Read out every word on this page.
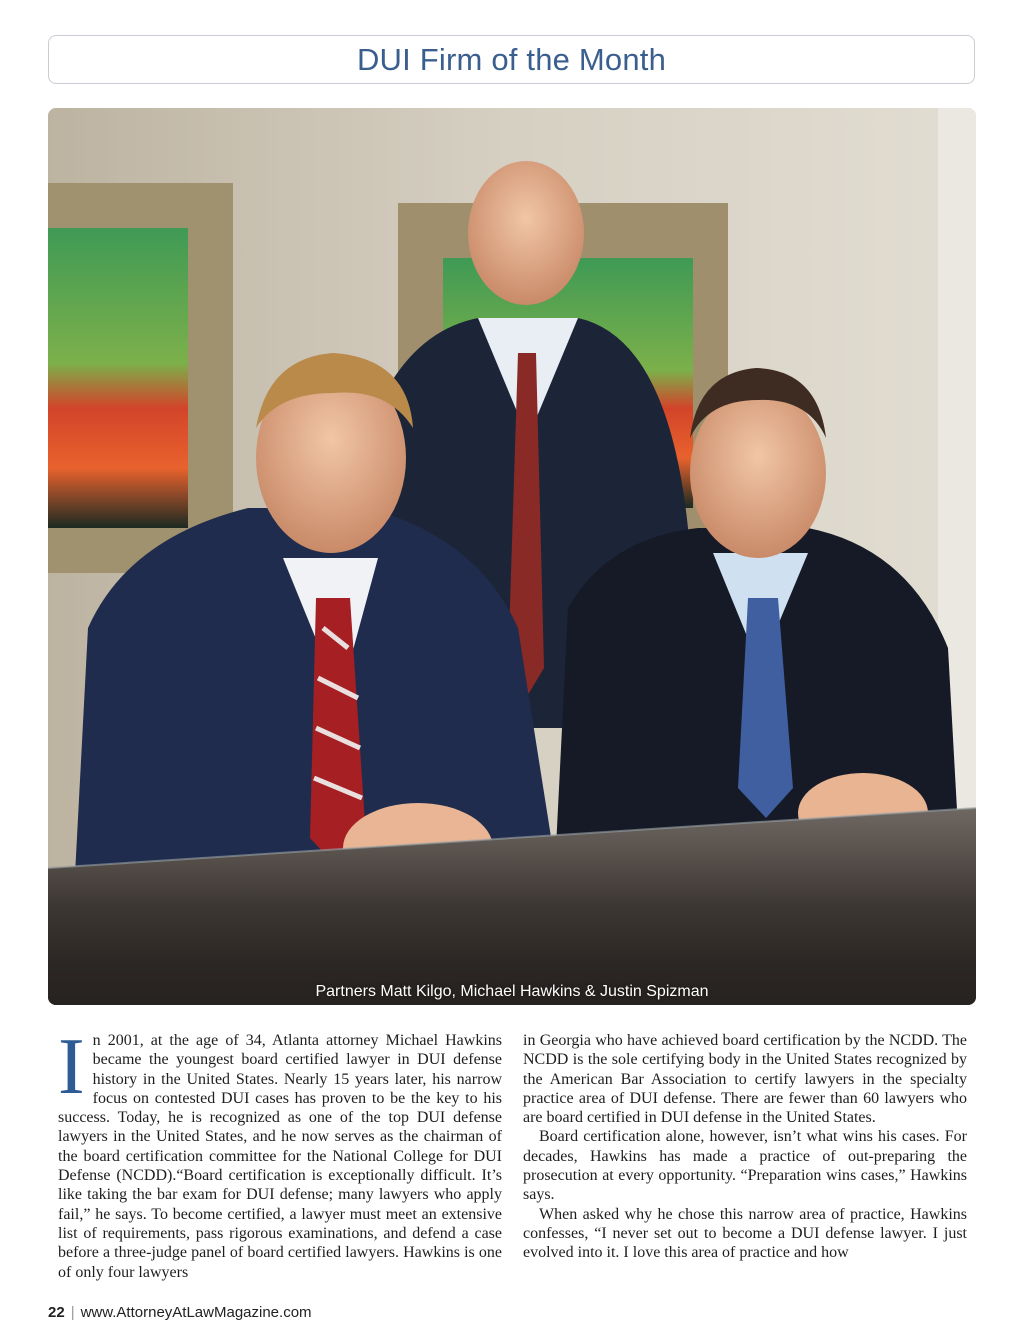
DUI Firm of the Month
Partners Matt Kilgo, Michael Hawkins & Justin Spizman

In 2001, at the age of 34, Atlanta attorney Michael Hawkins became the youngest board certified lawyer in DUI defense history in the United States. Nearly 15 years later, his narrow focus on contested DUI cases has proven to be the key to his success. Today, he is recognized as one of the top DUI defense lawyers in the United States, and he now serves as the chairman of the board certification committee for the National College for DUI Defense (NCDD).“Board certification is exceptionally difficult. It’s like taking the bar exam for DUI defense; many lawyers who apply fail,” he says. To become certified, a lawyer must meet an extensive list of requirements, pass rigorous examinations, and defend a case before a three-judge panel of board certified lawyers. Hawkins is one of only four lawyers

in Georgia who have achieved board certification by the NCDD. The NCDD is the sole certifying body in the United States recognized by the American Bar Association to certify lawyers in the specialty practice area of DUI defense. There are fewer than 60 lawyers who are board certified in DUI defense in the United States.

Board certification alone, however, isn’t what wins his cases. For decades, Hawkins has made a practice of out-preparing the prosecution at every opportunity. “Preparation wins cases,” Hawkins says.

When asked why he chose this narrow area of practice, Hawkins confesses, “I never set out to become a DUI defense lawyer. I just evolved into it. I love this area of practice and how

22 | www.AttorneyAtLawMagazine.com
